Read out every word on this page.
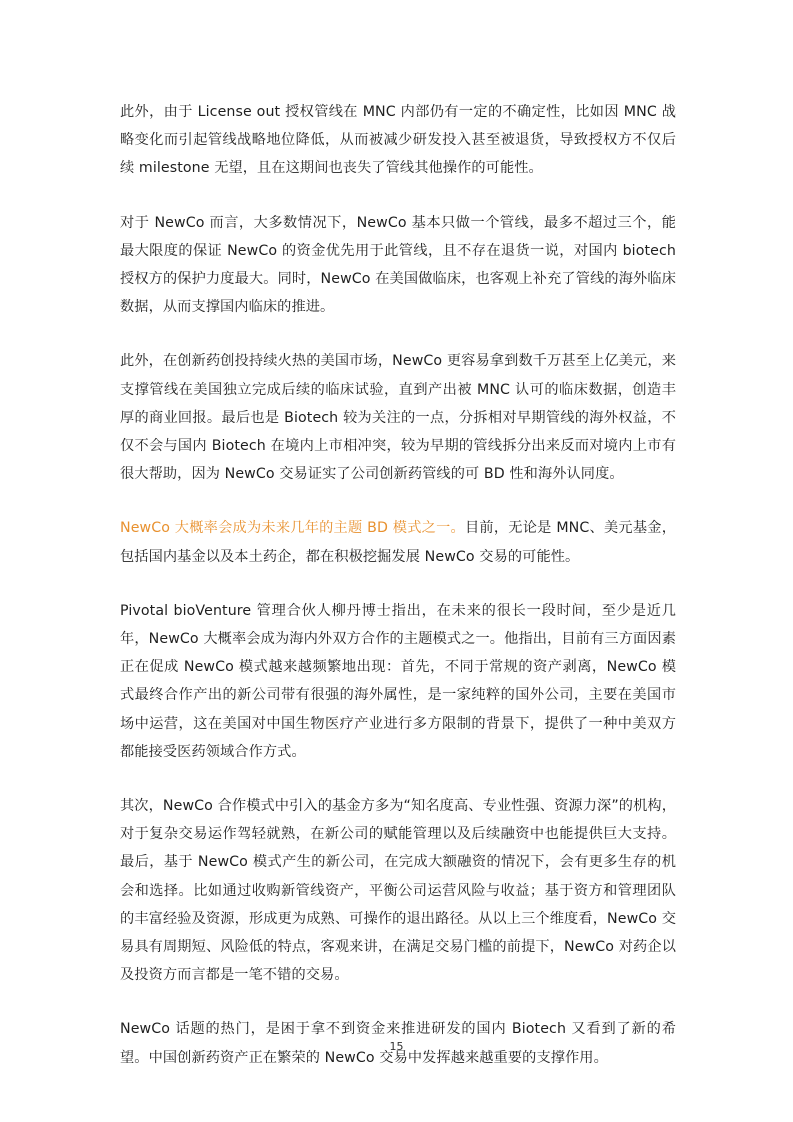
此外，由于 License out 授权管线在 MNC 内部仍有一定的不确定性，比如因 MNC 战略变化而引起管线战略地位降低，从而被减少研发投入甚至被退货，导致授权方不仅后续 milestone 无望，且在这期间也丧失了管线其他操作的可能性。

对于 NewCo 而言，大多数情况下，NewCo 基本只做一个管线，最多不超过三个，能最大限度的保证 NewCo 的资金优先用于此管线，且不存在退货一说，对国内 biotech 授权方的保护力度最大。同时，NewCo 在美国做临床，也客观上补充了管线的海外临床数据，从而支撑国内临床的推进。

此外，在创新药创投持续火热的美国市场，NewCo 更容易拿到数千万甚至上亿美元，来支撑管线在美国独立完成后续的临床试验，直到产出被 MNC 认可的临床数据，创造丰厚的商业回报。最后也是 Biotech 较为关注的一点，分拆相对早期管线的海外权益，不仅不会与国内 Biotech 在境内上市相冲突，较为早期的管线拆分出来反而对境内上市有很大帮助，因为 NewCo 交易证实了公司创新药管线的可 BD 性和海外认同度。

NewCo 大概率会成为未来几年的主题 BD 模式之一。目前，无论是 MNC、美元基金，包括国内基金以及本土药企，都在积极挖掘发展 NewCo 交易的可能性。

Pivotal bioVenture 管理合伙人柳丹博士指出，在未来的很长一段时间，至少是近几年，NewCo 大概率会成为海内外双方合作的主题模式之一。他指出，目前有三方面因素正在促成 NewCo 模式越来越频繁地出现：首先，不同于常规的资产剥离，NewCo 模式最终合作产出的新公司带有很强的海外属性，是一家纯粹的国外公司，主要在美国市场中运营，这在美国对中国生物医疗产业进行多方限制的背景下，提供了一种中美双方都能接受医药领域合作方式。

其次，NewCo 合作模式中引入的基金方多为“知名度高、专业性强、资源力深”的机构，对于复杂交易运作驾轻就熟，在新公司的赋能管理以及后续融资中也能提供巨大支持。最后，基于 NewCo 模式产生的新公司，在完成大额融资的情况下，会有更多生存的机会和选择。比如通过收购新管线资产，平衡公司运营风险与收益；基于资方和管理团队的丰富经验及资源，形成更为成熟、可操作的退出路径。从以上三个维度看，NewCo 交易具有周期短、风险低的特点，客观来讲，在满足交易门槛的前提下，NewCo 对药企以及投资方而言都是一笔不错的交易。

NewCo 话题的热门，是困于拿不到资金来推进研发的国内 Biotech 又看到了新的希望。中国创新药资产正在繁荣的 NewCo 交易中发挥越来越重要的支撑作用。

15
